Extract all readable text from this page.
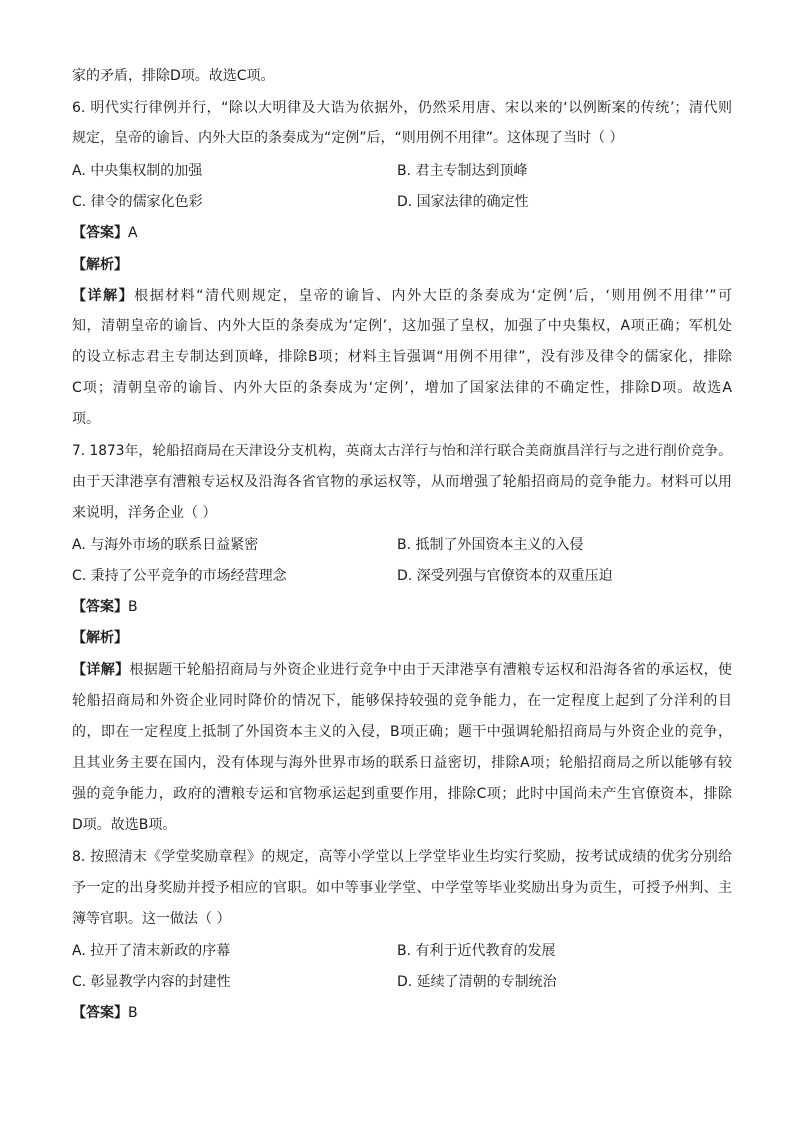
家的矛盾，排除D项。故选C项。
6. 明代实行律例并行，“除以大明律及大诰为依据外，仍然采用唐、宋以来的‘以例断案的传统’；清代则
规定，皇帝的谕旨、内外大臣的条奏成为“定例”后，“则用例不用律”。这体现了当时（ ）
A. 中央集权制的加强	B. 君主专制达到顶峰
C. 律令的儒家化色彩	D. 国家法律的确定性
【答案】A
【解析】
【详解】根据材料“清代则规定，皇帝的谕旨、内外大臣的条奏成为‘定例’后，‘则用例不用律’”可
知，清朝皇帝的谕旨、内外大臣的条奏成为‘定例’，这加强了皇权，加强了中央集权，A项正确；军机处
的设立标志君主专制达到顶峰，排除B项；材料主旨强调“用例不用律”，没有涉及律令的儒家化，排除
C项；清朝皇帝的谕旨、内外大臣的条奏成为‘定例’，增加了国家法律的不确定性，排除D项。故选A
项。
7. 1873年，轮船招商局在天津设分支机构，英商太古洋行与怡和洋行联合美商旗昌洋行与之进行削价竞争。
由于天津港享有漕粮专运权及沿海各省官物的承运权等，从而增强了轮船招商局的竞争能力。材料可以用
来说明，洋务企业（ ）
A. 与海外市场的联系日益紧密	B. 抵制了外国资本主义的入侵
C. 秉持了公平竞争的市场经营理念	D. 深受列强与官僚资本的双重压迫
【答案】B
【解析】
【详解】根据题干轮船招商局与外资企业进行竞争中由于天津港享有漕粮专运权和沿海各省的承运权，使
轮船招商局和外资企业同时降价的情况下，能够保持较强的竞争能力，在一定程度上起到了分洋利的目
的，即在一定程度上抵制了外国资本主义的入侵，B项正确；题干中强调轮船招商局与外资企业的竞争，
且其业务主要在国内，没有体现与海外世界市场的联系日益密切，排除A项；轮船招商局之所以能够有较
强的竞争能力，政府的漕粮专运和官物承运起到重要作用，排除C项；此时中国尚未产生官僚资本，排除
D项。故选B项。
8. 按照清末《学堂奖励章程》的规定，高等小学堂以上学堂毕业生均实行奖励，按考试成绩的优劣分别给
予一定的出身奖励并授予相应的官职。如中等事业学堂、中学堂等毕业奖励出身为贡生，可授予州判、主
簿等官职。这一做法（ ）
A. 拉开了清末新政的序幕	B. 有利于近代教育的发展
C. 彰显教学内容的封建性	D. 延续了清朝的专制统治
【答案】B
